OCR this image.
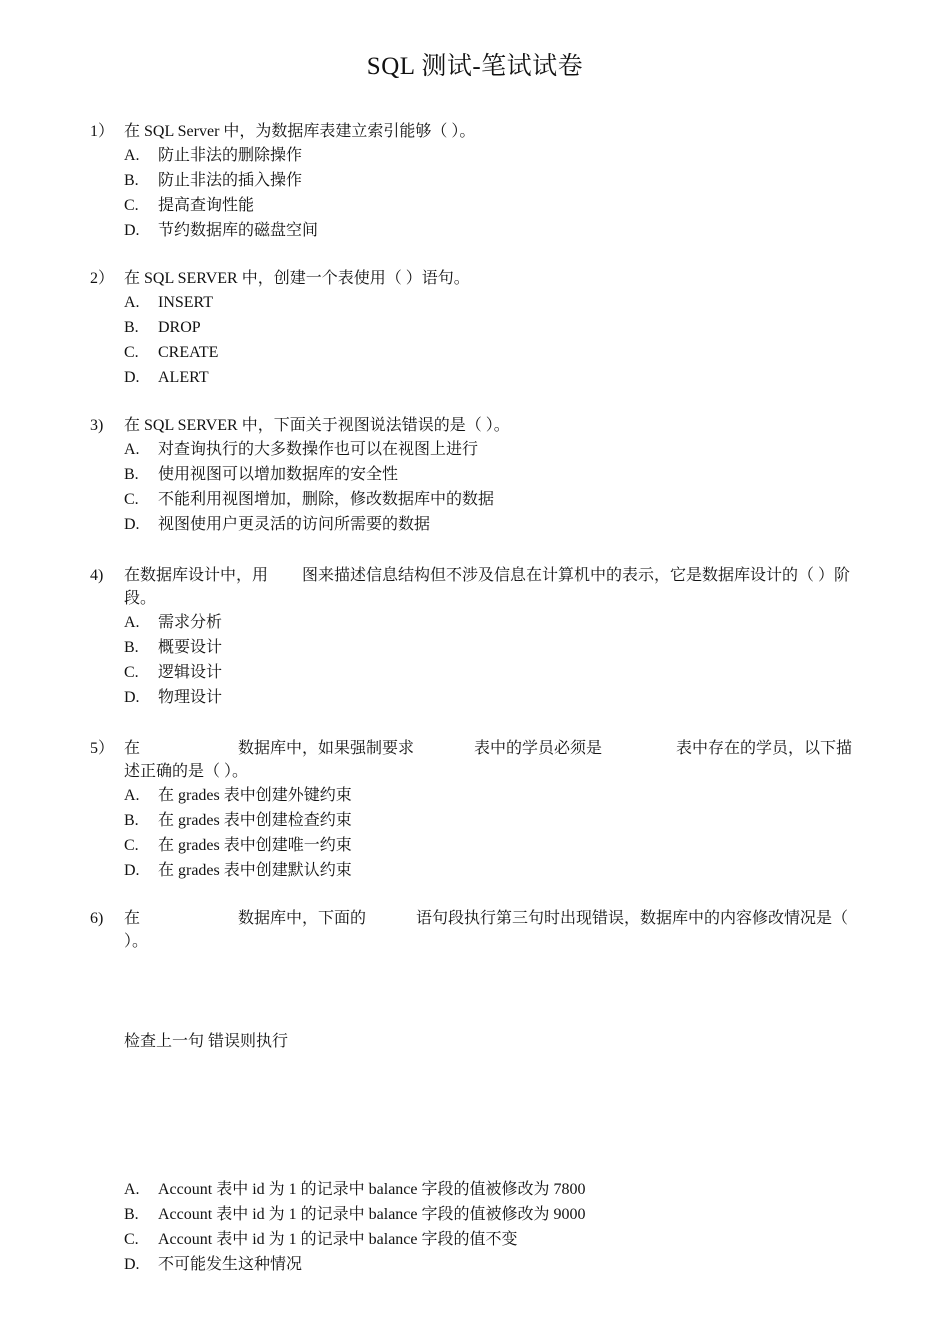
SQL 测试-笔试试卷
1） 在 SQL Server 中，为数据库表建立索引能够（ ）。
A.	防止非法的删除操作
B.	防止非法的插入操作
C.	提高查询性能
D.	节约数据库的磁盘空间
2） 在 SQL SERVER 中，创建一个表使用（ ）语句。
A.	INSERT
B.	DROP
C.	CREATE
D.	ALERT
3)	在 SQL SERVER 中，下面关于视图说法错误的是（ ）。
A.	对查询执行的大多数操作也可以在视图上进行
B.	使用视图可以增加数据库的安全性
C.	不能利用视图增加，删除，修改数据库中的数据
D.	视图使用户更灵活的访问所需要的数据
4)	在数据库设计中，用 图来描述信息结构但不涉及信息在计算机中的表示，它是数据库设计的（ ）阶段。
A.	需求分析
B.	概要设计
C.	逻辑设计
D.	物理设计
5） 在	数据库中，如果强制要求	表中的学员必须是	表中存在的学员，以下描述正确的是（ ）。
A.	在 grades 表中创建外键约束
B.	在 grades 表中创建检查约束
C.	在 grades 表中创建唯一约束
D.	在 grades 表中创建默认约束
6)	在	数据库中，下面的	语句段执行第三句时出现错误，数据库中的内容修改情况是（ ）。
检查上一句 错误则执行
A.	Account 表中 id 为 1 的记录中 balance 字段的值被修改为 7800
B.	Account 表中 id 为 1 的记录中 balance 字段的值被修改为 9000
C.	Account 表中 id 为 1 的记录中 balance 字段的值不变
D.	不可能发生这种情况
